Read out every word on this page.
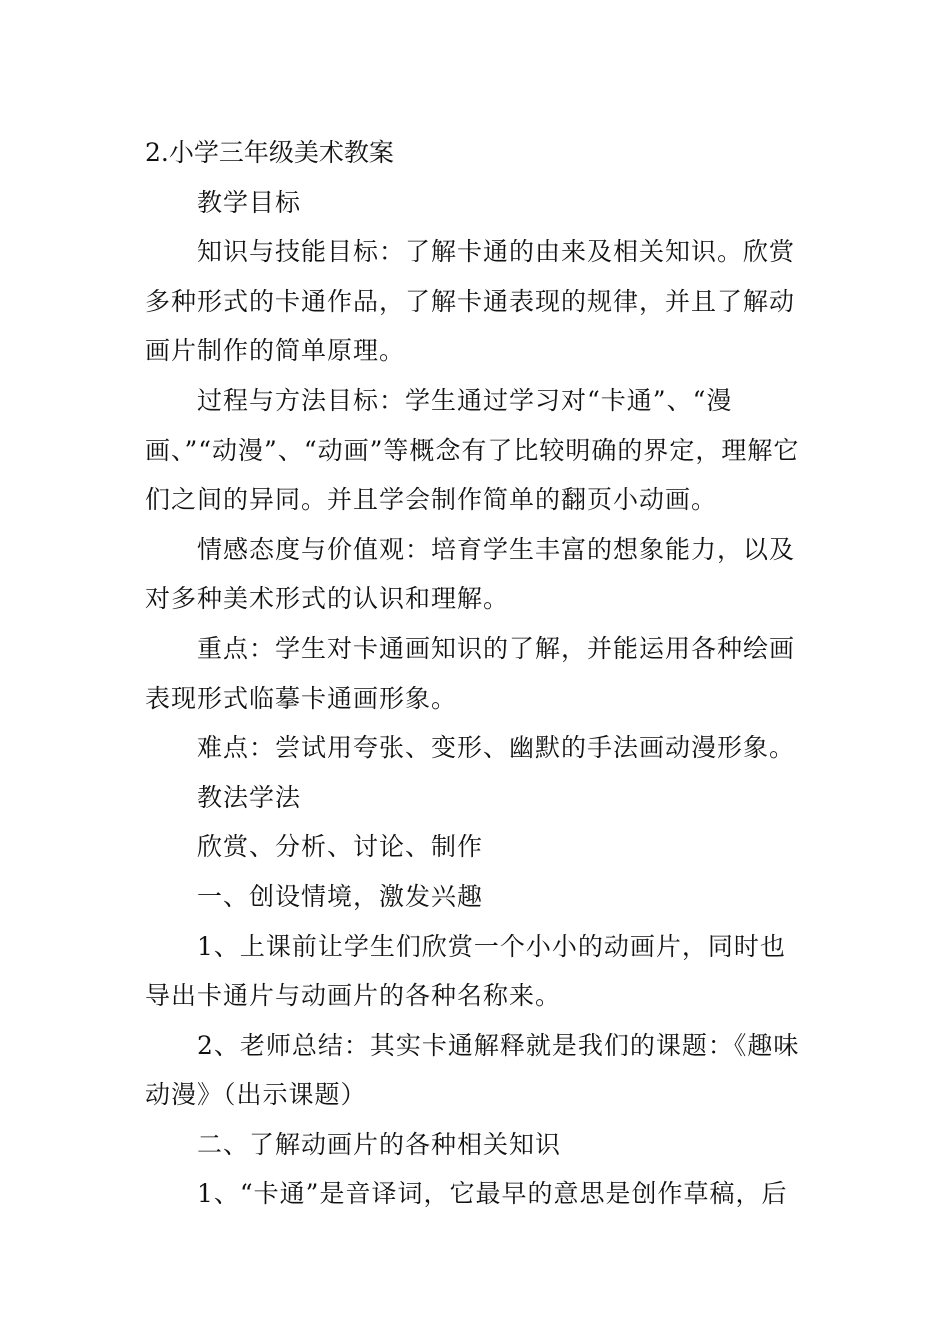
2.小学三年级美术教案

教学目标

知识与技能目标：了解卡通的由来及相关知识。欣赏多种形式的卡通作品，了解卡通表现的规律，并且了解动画片制作的简单原理。

过程与方法目标：学生通过学习对“卡通”、“漫画、”“动漫”、“动画”等概念有了比较明确的界定，理解它们之间的异同。并且学会制作简单的翻页小动画。

情感态度与价值观：培育学生丰富的想象能力，以及对多种美术形式的认识和理解。

重点：学生对卡通画知识的了解，并能运用各种绘画表现形式临摹卡通画形象。

难点：尝试用夸张、变形、幽默的手法画动漫形象。

教法学法

欣赏、分析、讨论、制作

一、创设情境，激发兴趣

1、上课前让学生们欣赏一个小小的动画片，同时也导出卡通片与动画片的各种名称来。

2、老师总结：其实卡通解释就是我们的课题：《趣味动漫》（出示课题）

二、了解动画片的各种相关知识

1、“卡通”是音译词，它最早的意思是创作草稿，后
